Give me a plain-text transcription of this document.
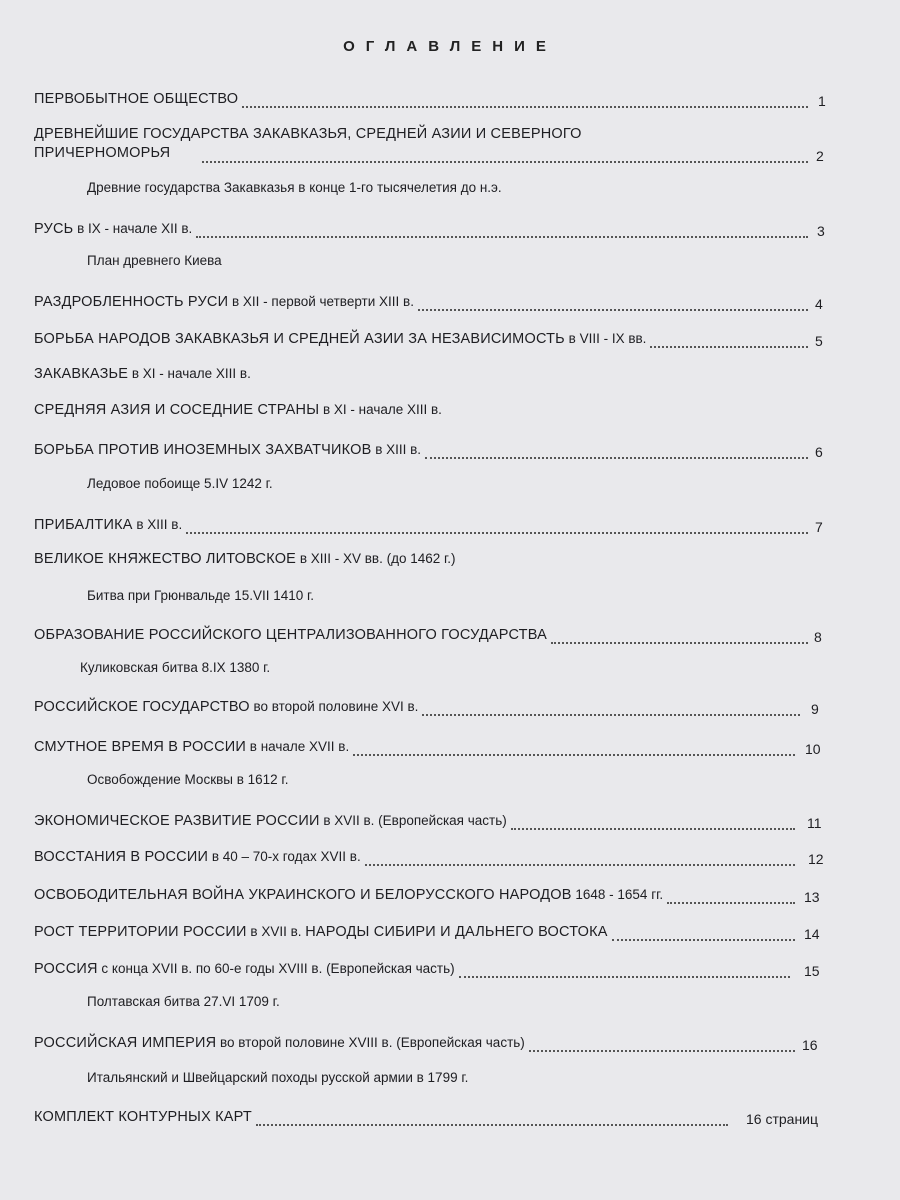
ОГЛАВЛЕНИЕ
ПЕРВОБЫТНОЕ ОБЩЕСТВО	1
ДРЕВНЕЙШИЕ ГОСУДАРСТВА ЗАКАВКАЗЬЯ, СРЕДНЕЙ АЗИИ И СЕВЕРНОГО
ПРИЧЕРНОМОРЬЯ	2
Древние государства Закавказья в конце 1-го тысячелетия до н.э.
РУСЬ в IX - начале XII в.	3
План древнего Киева
РАЗДРОБЛЕННОСТЬ РУСИ в XII - первой четверти XIII в.	4
БОРЬБА НАРОДОВ ЗАКАВКАЗЬЯ И СРЕДНЕЙ АЗИИ ЗА НЕЗАВИСИМОСТЬ в VIII - IX вв.	5
ЗАКАВКАЗЬЕ в XI - начале XIII в.
СРЕДНЯЯ АЗИЯ И СОСЕДНИЕ СТРАНЫ в XI - начале XIII в.
БОРЬБА ПРОТИВ ИНОЗЕМНЫХ ЗАХВАТЧИКОВ в XIII в.	6
Ледовое побоище 5.IV 1242 г.
ПРИБАЛТИКА в XIII в.	7
ВЕЛИКОЕ КНЯЖЕСТВО ЛИТОВСКОЕ в XIII - XV вв. (до 1462 г.)
Битва при Грюнвальде 15.VII 1410 г.
ОБРАЗОВАНИЕ РОССИЙСКОГО ЦЕНТРАЛИЗОВАННОГО ГОСУДАРСТВА	8
Куликовская битва 8.IX 1380 г.
РОССИЙСКОЕ ГОСУДАРСТВО во второй половине XVI в.	9
СМУТНОЕ ВРЕМЯ В РОССИИ в начале XVII в.	10
Освобождение Москвы в 1612 г.
ЭКОНОМИЧЕСКОЕ РАЗВИТИЕ РОССИИ в XVII в. (Европейская часть)	11
ВОССТАНИЯ В РОССИИ в 40 – 70-х годах XVII в.	12
ОСВОБОДИТЕЛЬНАЯ ВОЙНА УКРАИНСКОГО И БЕЛОРУССКОГО НАРОДОВ 1648 - 1654 гг.	13
РОСТ ТЕРРИТОРИИ РОССИИ в XVII в. НАРОДЫ СИБИРИ И ДАЛЬНЕГО ВОСТОКА	14
РОССИЯ с конца XVII в. по 60-е годы XVIII в. (Европейская часть)	15
Полтавская битва 27.VI 1709 г.
РОССИЙСКАЯ ИМПЕРИЯ во второй половине XVIII в. (Европейская часть)	16
Итальянский и Швейцарский походы русской армии в 1799 г.
КОМПЛЕКТ КОНТУРНЫХ КАРТ	16 страниц
